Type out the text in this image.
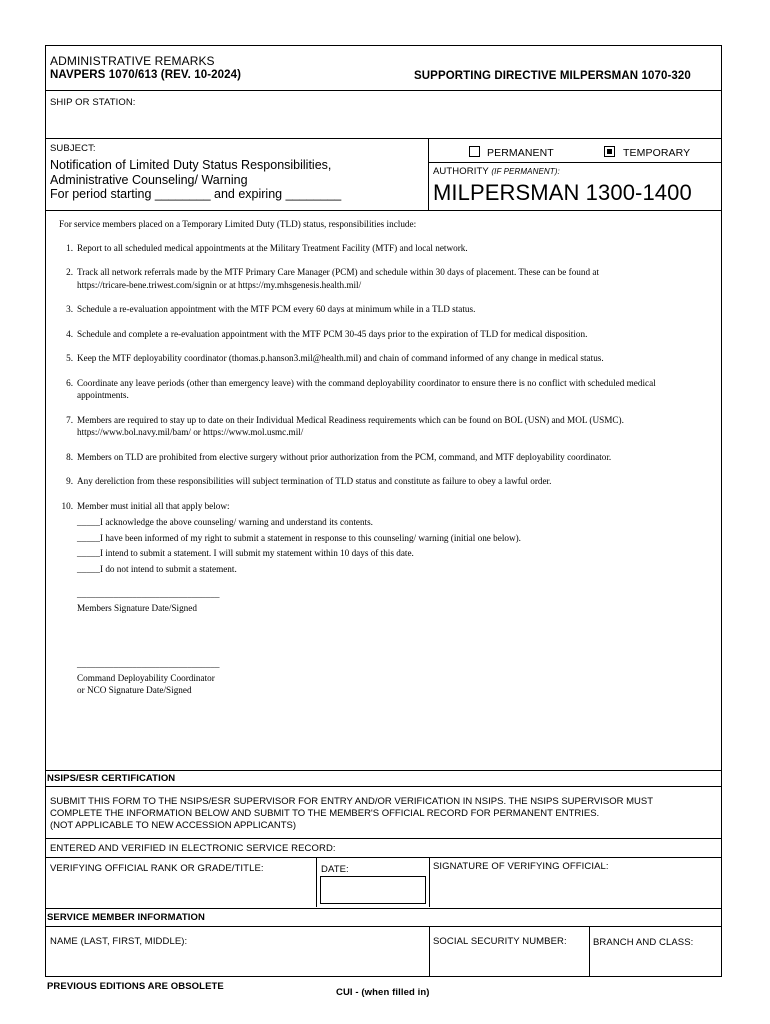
ADMINISTRATIVE REMARKS
NAVPERS 1070/613 (REV. 10-2024)	SUPPORTING DIRECTIVE MILPERSMAN 1070-320
SHIP OR STATION:
SUBJECT:
Notification of Limited Duty Status Responsibilities,
Administrative Counseling/ Warning
For period starting ________ and expiring ________
PERMANENT	TEMPORARY
AUTHORITY (IF PERMANENT):
MILPERSMAN 1300-1400
For service members placed on a Temporary Limited Duty (TLD) status, responsibilities include:
1. Report to all scheduled medical appointments at the Military Treatment Facility (MTF) and local network.
2. Track all network referrals made by the MTF Primary Care Manager (PCM) and schedule within 30 days of placement. These can be found at
https://tricare-bene.triwest.com/signin or at https://my.mhsgenesis.health.mil/
3. Schedule a re-evaluation appointment with the MTF PCM every 60 days at minimum while in a TLD status.
4. Schedule and complete a re-evaluation appointment with the MTF PCM 30-45 days prior to the expiration of TLD for medical disposition.
5. Keep the MTF deployability coordinator (thomas.p.hanson3.mil@health.mil) and chain of command informed of any change in medical status.
6. Coordinate any leave periods (other than emergency leave) with the command deployability coordinator to ensure there is no conflict with scheduled medical
appointments.
7. Members are required to stay up to date on their Individual Medical Readiness requirements which can be found on BOL (USN) and MOL (USMC).
https://www.bol.navy.mil/bam/ or https://www.mol.usmc.mil/
8. Members on TLD are prohibited from elective surgery without prior authorization from the PCM, command, and MTF deployability coordinator.
9. Any dereliction from these responsibilities will subject termination of TLD status and constitute as failure to obey a lawful order.
10. Member must initial all that apply below:
_____I acknowledge the above counseling/ warning and understand its contents.
_____I have been informed of my right to submit a statement in response to this counseling/ warning (initial one below).
_____I intend to submit a statement. I will submit my statement within 10 days of this date.
_____I do not intend to submit a statement.
_______________________________
Members Signature Date/Signed
_______________________________
Command Deployability Coordinator
or NCO Signature Date/Signed
NSIPS/ESR CERTIFICATION
SUBMIT THIS FORM TO THE NSIPS/ESR SUPERVISOR FOR ENTRY AND/OR VERIFICATION IN NSIPS. THE NSIPS SUPERVISOR MUST
COMPLETE THE INFORMATION BELOW AND SUBMIT TO THE MEMBER'S OFFICIAL RECORD FOR PERMANENT ENTRIES.
(NOT APPLICABLE TO NEW ACCESSION APPLICANTS)
ENTERED AND VERIFIED IN ELECTRONIC SERVICE RECORD:
VERIFYING OFFICIAL RANK OR GRADE/TITLE:	DATE:	SIGNATURE OF VERIFYING OFFICIAL:
SERVICE MEMBER INFORMATION
NAME (LAST, FIRST, MIDDLE):	SOCIAL SECURITY NUMBER:	BRANCH AND CLASS:
PREVIOUS EDITIONS ARE OBSOLETE
CUI - (when filled in)
